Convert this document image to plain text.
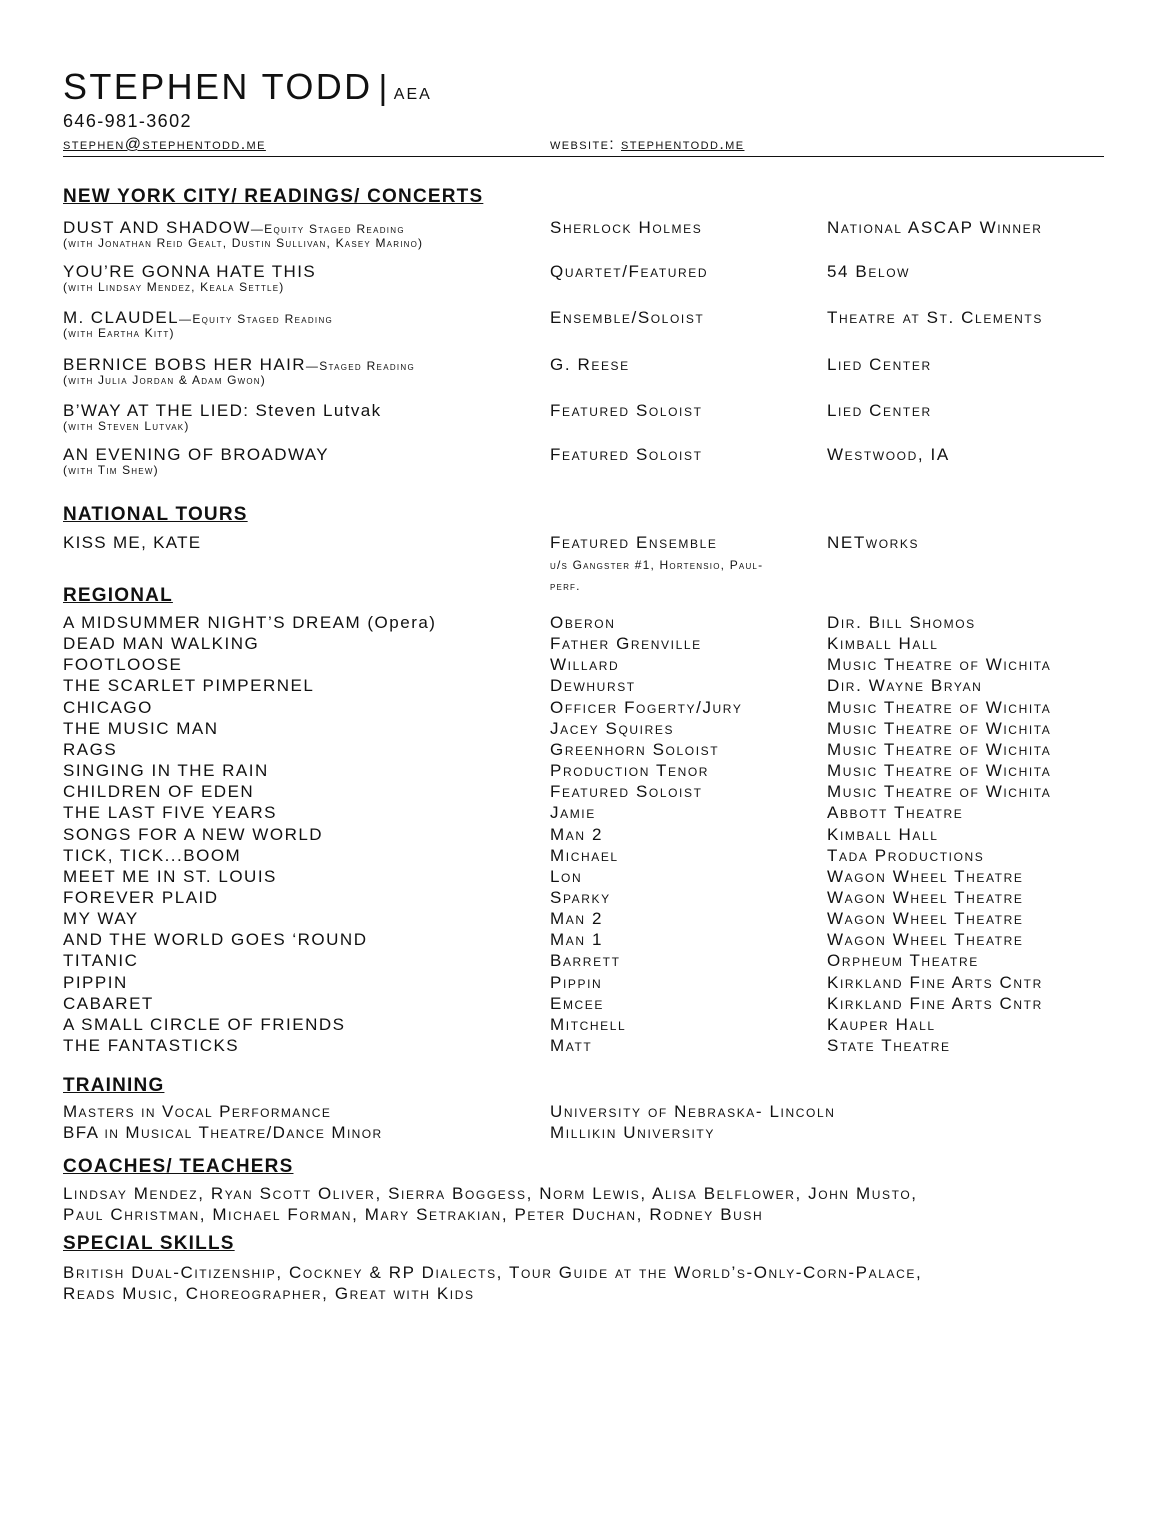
STEPHEN TODD | aea
646-981-3602
stephen@stephentodd.me	website: stephentodd.me
NEW YORK CITY/ READINGS/ CONCERTS
DUST AND SHADOW—Equity Staged Reading	Sherlock Holmes	National ASCAP Winner
(with Jonathan Reid Gealt, Dustin Sullivan, Kasey Marino)
YOU’RE GONNA HATE THIS	Quartet/Featured	54 Below
(with Lindsay Mendez, Keala Settle)
M. CLAUDEL—Equity Staged Reading	Ensemble/Soloist	Theatre at St. Clements
(with Eartha Kitt)
BERNICE BOBS HER HAIR—Staged Reading	G. Reese	Lied Center
(with Julia Jordan & Adam Gwon)
B’WAY AT THE LIED: Steven Lutvak	Featured Soloist	Lied Center
(with Steven Lutvak)
AN EVENING OF BROADWAY	Featured Soloist	Westwood, IA
(with Tim Shew)
NATIONAL TOURS
KISS ME, KATE	Featured Ensemble	NETworks
u/s Gangster #1, Hortensio, Paul-
perf.
REGIONAL
A MIDSUMMER NIGHT’S DREAM (Opera)	Oberon	Dir. Bill Shomos
DEAD MAN WALKING	Father Grenville	Kimball Hall
FOOTLOOSE	Willard	Music Theatre of Wichita
THE SCARLET PIMPERNEL	Dewhurst	Dir. Wayne Bryan
CHICAGO	Officer Fogerty/Jury	Music Theatre of Wichita
THE MUSIC MAN	Jacey Squires	Music Theatre of Wichita
RAGS	Greenhorn Soloist	Music Theatre of Wichita
SINGING IN THE RAIN	Production Tenor	Music Theatre of Wichita
CHILDREN OF EDEN	Featured Soloist	Music Theatre of Wichita
THE LAST FIVE YEARS	Jamie	Abbott Theatre
SONGS FOR A NEW WORLD	Man 2	Kimball Hall
TICK, TICK...BOOM	Michael	Tada Productions
MEET ME IN ST. LOUIS	Lon	Wagon Wheel Theatre
FOREVER PLAID	Sparky	Wagon Wheel Theatre
MY WAY	Man 2	Wagon Wheel Theatre
AND THE WORLD GOES ‘ROUND	Man 1	Wagon Wheel Theatre
TITANIC	Barrett	Orpheum Theatre
PIPPIN	Pippin	Kirkland Fine Arts Cntr
CABARET	Emcee	Kirkland Fine Arts Cntr
A SMALL CIRCLE OF FRIENDS	Mitchell	Kauper Hall
THE FANTASTICKS	Matt	State Theatre
TRAINING
Masters in Vocal Performance	University of Nebraska- Lincoln
BFA in Musical Theatre/Dance Minor	Millikin University
COACHES/ TEACHERS
Lindsay Mendez, Ryan Scott Oliver, Sierra Boggess, Norm Lewis, Alisa Belflower, John Musto,
Paul Christman, Michael Forman, Mary Setrakian, Peter Duchan, Rodney Bush
SPECIAL SKILLS
British Dual-Citizenship, Cockney & RP Dialects, Tour Guide at the World’s-Only-Corn-Palace,
Reads Music, Choreographer, Great with Kids
